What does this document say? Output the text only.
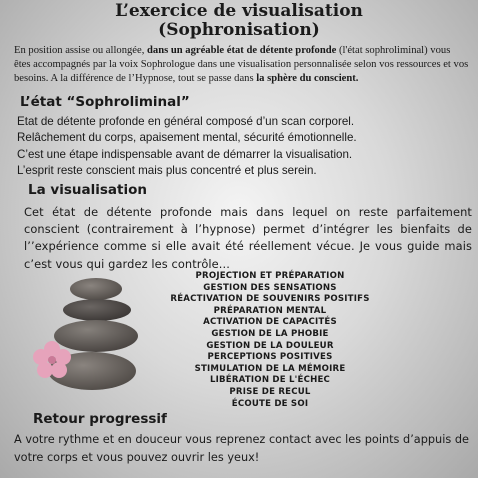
L’exercice de visualisation
(Sophronisation)
En position assise ou allongée, dans un agréable état de détente profonde (l'état sophroliminal) vous êtes accompagnés par la voix Sophrologue dans une visualisation personnalisée selon vos ressources et vos besoins. A la différence de l’Hypnose, tout se passe dans la sphère du conscient.
L’état “Sophroliminal”
Etat de détente profonde en général composé d’un scan corporel.
Relâchement du corps, apaisement mental, sécurité émotionnelle.
C’est une étape indispensable avant de démarrer la visualisation.
L’esprit reste conscient mais plus concentré et plus serein.
La visualisation
Cet état de détente profonde mais dans lequel on reste parfaitement conscient (contrairement à l’hypnose) permet d’intégrer les bienfaits de l’’expérience comme si elle avait été réellement vécue. Je vous guide mais c’est vous qui gardez les contrôle...
PROJECTION ET PRÉPARATION
GESTION DES SENSATIONS
RÉACTIVATION DE SOUVENIRS POSITIFS
PRÉPARATION MENTAL
ACTIVATION DE CAPACITÉS
GESTION DE LA PHOBIE
GESTION DE LA DOULEUR
PERCEPTIONS POSITIVES
STIMULATION DE LA MÉMOIRE
LIBÉRATION DE L'ÉCHEC
PRISE DE RECUL
ÉCOUTE DE SOI
Retour progressif
A votre rythme et en douceur vous reprenez contact avec les points d’appuis de votre corps et vous pouvez ouvrir les yeux!
